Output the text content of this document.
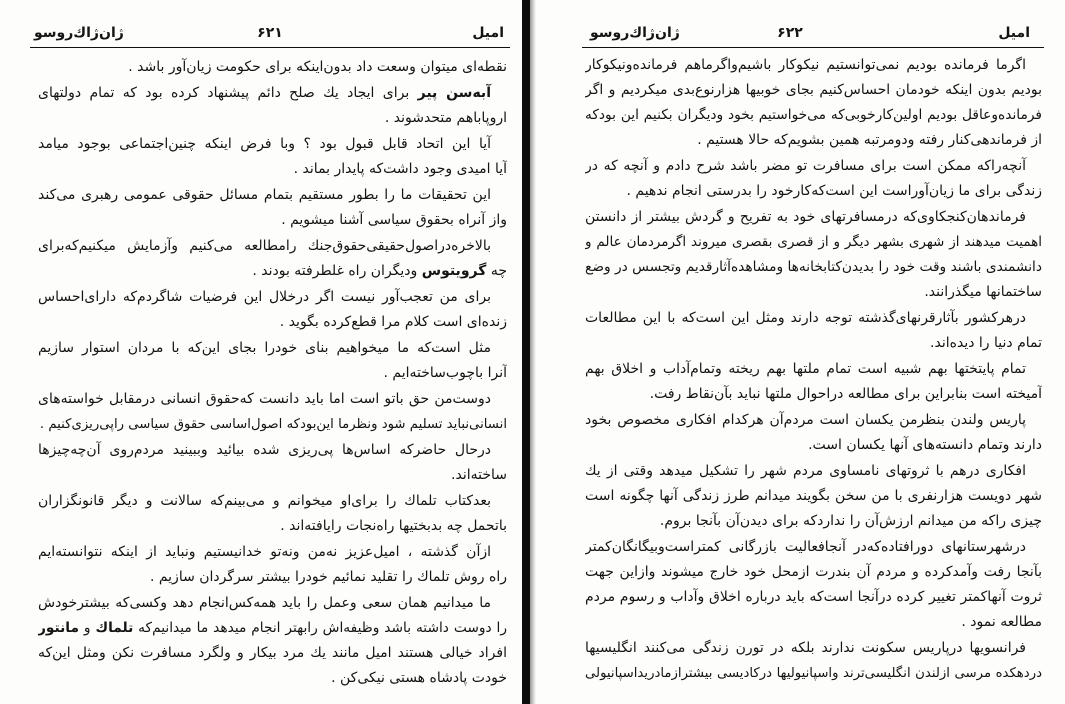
امیل
۶۲۱
ژان‌ژاك‌روسو
نقطه‌ای میتوان وسعت داد بدون‌اینکه برای حکومت زیان‌آور باشد .
آبه‌سن پیر برای ایجاد یك صلح دائم پیشنهاد کرده بود که تمام دولتهای
اروپاباهم متحدشوند .
آیا این اتحاد قابل قبول بود ؟ وبا فرض اینکه چنین‌اجتماعی بوجود میامد
آیا امیدی وجود داشت‌که پایدار بماند .
این تحقیقات ما را بطور مستقیم بتمام مسائل حقوقی عمومی رهبری می‌کند
واز آنراه بحقوق سیاسی آشنا میشویم .
بالاخره‌دراصول‌حقیقی‌حقوق‌جنك رامطالعه می‌کنیم وآزمایش میکنیم‌که‌برای
چه گرویتوس ودیگران راه غلطرفته بودند .
برای من تعجب‌آور نیست اگر درخلال این فرضیات شاگردم‌که دارای‌احساس
زنده‌ای است کلام مرا قطع‌کرده بگوید .
مثل است‌که ما میخواهیم بنای خودرا بجای این‌که با مردان استوار سازیم
آنرا باچوب‌ساخته‌ایم .
دوست‌من حق باتو است اما باید دانست که‌حقوق انسانی درمقابل خواسته‌های
انسانی‌نباید تسلیم شود ونظرما این‌بودکه اصول‌اساسی حقوق سیاسی راپی‌ریزی‌کنیم .
درحال حاضرکه اساس‌ها پی‌ریزی شده بیائید وببینید مردم‌روی آن‌چه‌چیزها
ساخته‌اند.
بعدکتاب تلماك را برای‌او میخوانم و می‌بینم‌که سالانت و دیگر قانونگزاران
باتحمل چه بدبختیها راه‌نجات رایافته‌اند .
ازآن گذشته ، امیل‌عزیز نه‌من ونه‌تو خدانیستیم ونباید از اینکه نتوانسته‌ایم
راه روش تلماك را تقلید نمائیم خودرا بیشتر سرگردان سازیم .
ما میدانیم همان سعی وعمل را باید همه‌کس‌انجام دهد وکسی‌که بیشترخودش
را دوست داشته باشد وظیفه‌اش رابهتر انجام میدهد ما میدانیم‌که تلماك و مانتور
افراد خیالی هستند امیل مانند یك مرد بیکار و ولگرد مسافرت نکن ومثل این‌که
خودت پادشاه هستی نیکی‌کن .
امیل
۶۲۲
ژان‌ژاك‌روسو
اگرما فرمانده بودیم نمی‌توانستیم نیکوکار باشیم‌واگرماهم فرمانده‌ونیکوکار
بودیم بدون اینکه خودمان احساس‌کنیم بجای خوبیها هزارنوع‌بدی میکردیم و اگر
فرمانده‌وعاقل بودیم اولین‌کارخوبی‌که می‌خواستیم بخود ودیگران بکنیم این بودکه
از فرماندهی‌کنار رفته ودومرتبه همین بشویم‌که حالا هستیم .
آنچه‌راکه ممکن است برای مسافرت تو مضر باشد شرح دادم و آنچه که در
زندگی برای ما زیان‌آوراست این است‌که‌کارخود را بدرستی انجام ندهیم .
فرماندهان‌کنجکاوی‌که درمسافرتهای خود به تفریح و گردش بیشتر از دانستن
اهمیت میدهند از شهری بشهر دیگر و از قصری بقصری میروند اگرمردمان عالم و
دانشمندی باشند وقت خود را بدیدن‌کتابخانه‌ها ومشاهده‌آثارقدیم وتجسس در وضع
ساختمانها میگذرانند.
درهرکشور بآثارقرنهای‌گذشته توجه دارند ومثل این است‌که با این مطالعات
تمام دنیا را دیده‌اند.
تمام پایتختها بهم شبیه است تمام ملتها بهم ریخته وتمام‌آداب و اخلاق بهم
آمیخته است بنابراین برای مطالعه دراحوال ملتها نباید بآن‌نقاط رفت.
پاریس ولندن بنظرمن یکسان است مردم‌آن هرکدام افکاری مخصوص بخود
دارند وتمام دانسته‌های آنها یکسان است.
افکاری درهم با ثروتهای نامساوی مردم شهر را تشکیل میدهد وقتی از یك
شهر دویست هزارنفری با من سخن بگویند میدانم طرز زندگی آنها چگونه است
چیزی راکه من میدانم ارزش‌آن را ندارد‌که برای دیدن‌آن بآنجا بروم.
درشهرستانهای دورافتاده‌که‌در آنجافعالیت بازرگانی کمتراست‌وبیگانگان‌کمتر
بآنجا رفت وآمدکرده و مردم آن بندرت ازمحل خود خارج میشوند وازاین جهت
ثروت آنهاکمتر تغییر کرده درآنجا است‌که باید درباره اخلاق وآداب و رسوم مردم
مطالعه نمود .
فرانسویها درپاریس سکونت ندارند بلکه در تورن زندگی می‌کنند انگلیسیها
دردهکده مرسی ازلندن انگلیسی‌ترند واسپانیولیها درکادیسی بیشترازمادریداسپانیولی
